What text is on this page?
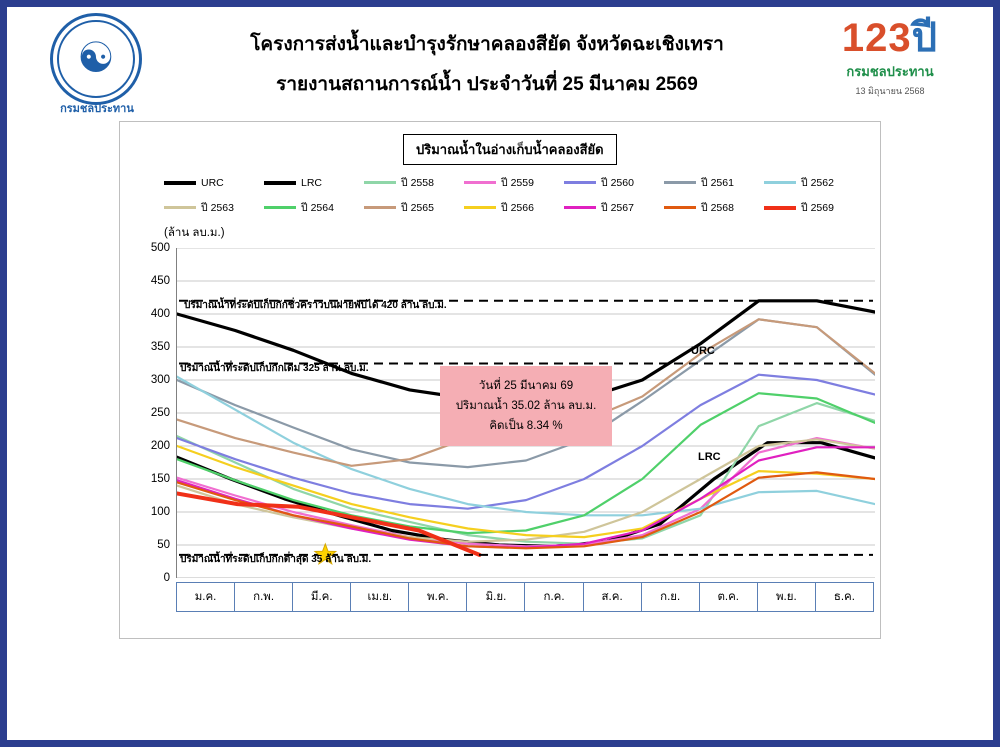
☯
กรมชลประทาน
โครงการส่งน้ำและบำรุงรักษาคลองสียัด จังหวัดฉะเชิงเทรา
รายงานสถานการณ์น้ำ ประจำวันที่ 25 มีนาคม 2569
123ปี
กรมชลประทาน
13 มิถุนายน 2568
ปริมาณน้ำในอ่างเก็บน้ำคลองสียัด
URC	LRC	ปี 2558	ปี 2559	ปี 2560	ปี 2561	ปี 2562
ปี 2563	ปี 2564	ปี 2565	ปี 2566	ปี 2567	ปี 2568	ปี 2569
(ล้าน ลบ.ม.)
0
50
100
150
200
250
300
350
400
450
500
ปริมาณน้ำที่ระดับเก็บกักชั่วคราวบนฝายพับได้ 420 ล้าน ลบ.ม.
ปริมาณน้ำที่ระดับเก็บกักเดิม 325 ล้าน ลบ.ม.
ปริมาณน้ำที่ระดับเก็บกักต่ำสุด 35 ล้าน ลบ.ม.
URC
LRC
วันที่ 25 มีนาคม 69
ปริมาณน้ำ 35.02 ล้าน ลบ.ม.
คิดเป็น 8.34 %
ม.ค.	ก.พ.	มี.ค.	เม.ย.	พ.ค.	มิ.ย.	ก.ค.	ส.ค.	ก.ย.	ต.ค.	พ.ย.	ธ.ค.
